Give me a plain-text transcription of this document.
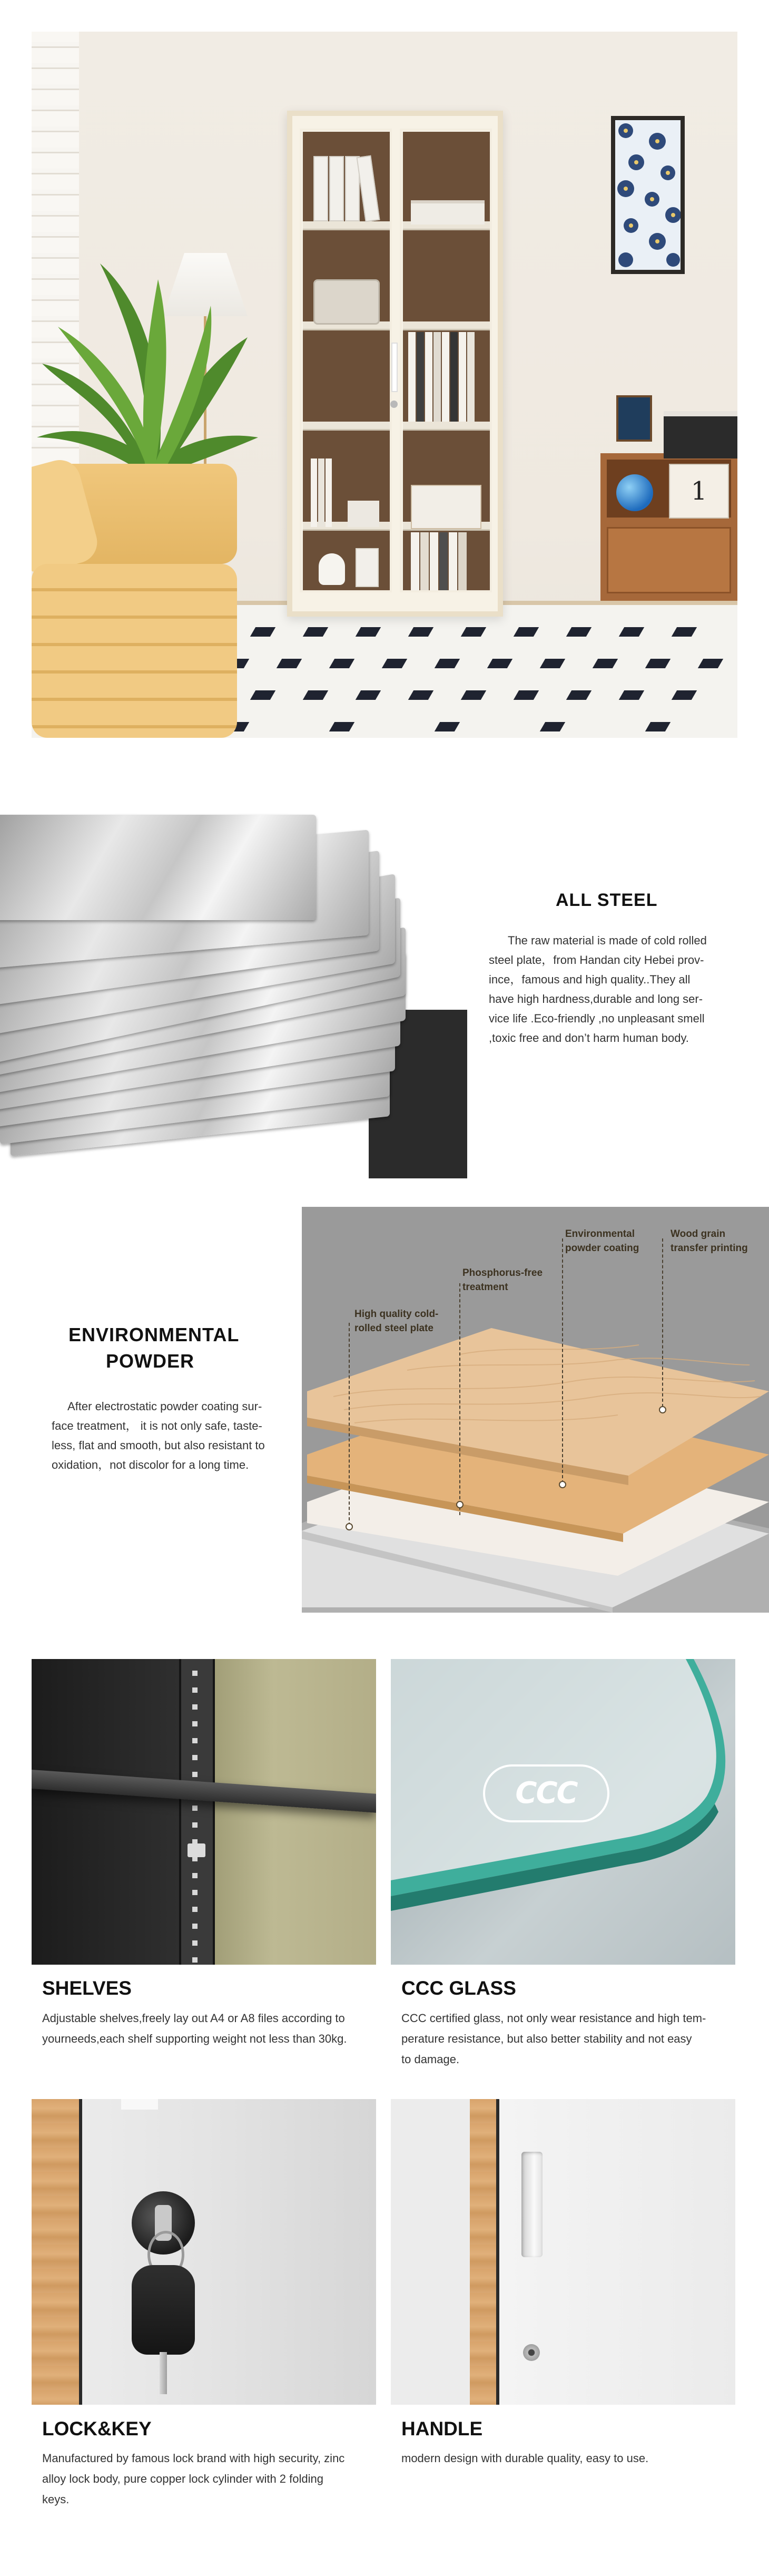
1
ALL STEEL
The raw material is made of cold rolled
steel plate，from Handan city Hebei prov-
ince，famous and high quality..They all
have high hardness,durable and long ser-
vice life .Eco-friendly ,no unpleasant smell
,toxic free and don’t harm human body.
ENVIRONMENTAL
POWDER
After electrostatic powder coating sur-
face treatment， it is not only safe, taste-
less, flat and smooth, but also resistant to
oxidation，not discolor for a long time.
High quality cold-
rolled steel plate
Phosphorus-free
treatment
Environmental
powder coating
Wood grain
transfer printing
SHELVES
Adjustable shelves,freely lay out A4 or A8 files according to
yourneeds,each shelf supporting weight not less than 30kg.
CCC
CCC GLASS
CCC certified glass, not only wear resistance and high tem-
perature resistance, but also better stability and not easy
to damage.
LOCK&KEY
Manufactured by famous lock brand with high security, zinc
alloy lock body, pure copper lock cylinder with 2 folding
keys.
HANDLE
modern design with durable quality, easy to use.
